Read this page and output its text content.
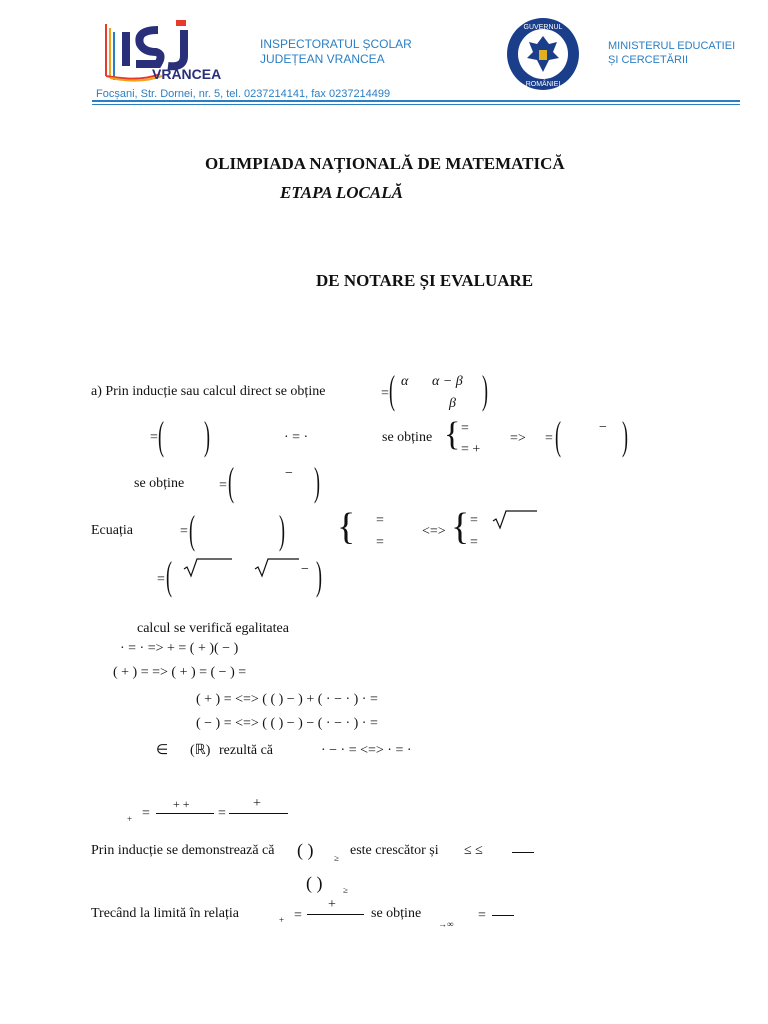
VRANCEA
INSPECTORATUL ȘCOLAR
JUDEȚEAN VRANCEA
GUVERNUL
ROMÂNIEI
MINISTERUL EDUCATIEI
ȘI CERCETĂRII
Focșani, Str. Dornei, nr. 5, tel. 0237214141, fax 0237214499
OLIMPIADA NAȚIONALĂ DE MATEMATICĂ
ETAPA LOCALĂ
DE NOTARE ȘI EVALUARE
a) Prin inducție sau calcul direct se obține	= ( α α − β
β )
= ( )	· = ·	se obține { =
= +
=> = (	− )
se obține = (	− )
Ecuația	= ( ) { =
=
<=> { =
=
= (	− )
calcul se verifică egalitatea
· = · => + = ( + )( − )
( + ) = => ( + ) = ( − ) =
( + ) = <=> ( ( ) − ) + ( · − · ) · =
( − ) = <=> ( ( ) − ) − ( · − · ) · =
∈ (ℝ) rezultă că	· − · = <=> · = ·
+ =
+ +
=
+
Prin inducție se demonstrează că ( ) ≥ este crescător și ≤ ≤
( ) ≥
Trecând la limită în relația	+ =
+
se obține
→∞
=
